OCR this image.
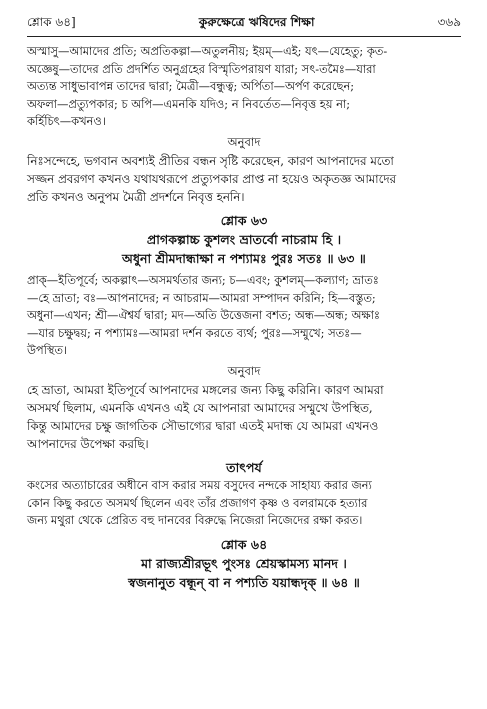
শ্লোক ৬৪]	কুরুক্ষেত্রে ঋষিদের শিক্ষা	৩৬৯

অস্মাসু—আমাদের প্রতি; অপ্রতিকল্পা—অতুলনীয়; ইয়ম্—এই; যৎ—যেহেতু; কৃত-

অজ্ঞেষু—তাদের প্রতি প্রদর্শিত অনুগ্রহের বিস্মৃতিপরায়ণ যারা; সৎ-তমৈঃ—যারা

অত্যন্ত সাধুভাবাপন্ন তাদের দ্বারা; মৈত্রী—বন্ধুত্ব; অর্পিতা—অর্পণ করেছেন;

অফলা—প্রত্যুপকার; চ অপি—এমনকি যদিও; ন নিবর্তেত—নিবৃত্ত হয় না;

কর্হিচিৎ—কখনও।

অনুবাদ

নিঃসন্দেহে, ভগবান অবশ্যই প্রীতির বন্ধন সৃষ্টি করেছেন, কারণ আপনাদের মতো

সজ্জন প্রবরগণ কখনও যথাযথরূপে প্রত্যুপকার প্রাপ্ত না হয়েও অকৃতজ্ঞ আমাদের

প্রতি কখনও অনুপম মৈত্রী প্রদর্শনে নিবৃত্ত হননি।

শ্লোক ৬৩

প্রাগকল্পাচ্চ কুশলং ভ্রাতর্বো নাচরাম হি ।

অধুনা শ্রীমদান্ধাক্ষা ন পশ্যামঃ পুরঃ সতঃ ॥ ৬৩ ॥

প্রাক্—ইতিপূর্বে; অকল্পাৎ—অসমর্থতার জন্য; চ—এবং; কুশলম্—কল্যাণ; ভ্রাতঃ

—হে ভ্রাতা; বঃ—আপনাদের; ন আচরাম—আমরা সম্পাদন করিনি; হি—বস্তুত;

অধুনা—এখন; শ্রী—ঐশ্বর্য দ্বারা; মদ—অতি উত্তেজনা বশত; অন্ধ—অন্ধ; অক্ষাঃ

—যার চক্ষুদ্বয়; ন পশ্যামঃ—আমরা দর্শন করতে ব্যর্থ; পুরঃ—সম্মুখে; সতঃ—

উপস্থিত।

অনুবাদ

হে ভ্রাতা, আমরা ইতিপূর্বে আপনাদের মঙ্গলের জন্য কিছু করিনি। কারণ আমরা

অসমর্থ ছিলাম, এমনকি এখনও এই যে আপনারা আমাদের সম্মুখে উপস্থিত,

কিন্তু আমাদের চক্ষু জাগতিক সৌভাগ্যের দ্বারা এতই মদান্ধ যে আমরা এখনও

আপনাদের উপেক্ষা করছি।

তাৎপর্য

কংসের অত্যাচারের অধীনে বাস করার সময় বসুদেব নন্দকে সাহায্য করার জন্য

কোন কিছু করতে অসমর্থ ছিলেন এবং তাঁর প্রজাগণ কৃষ্ণ ও বলরামকে হত্যার

জন্য মথুরা থেকে প্রেরিত বহু দানবের বিরুদ্ধে নিজেরা নিজেদের রক্ষা করত।

শ্লোক ৬৪

মা রাজ্যশ্রীরভূৎ পুংসঃ শ্রেয়স্কামস্য মানদ ।

স্বজনানুত বন্ধূন্ বা ন পশ্যতি যয়ান্ধদৃক্ ॥ ৬৪ ॥
